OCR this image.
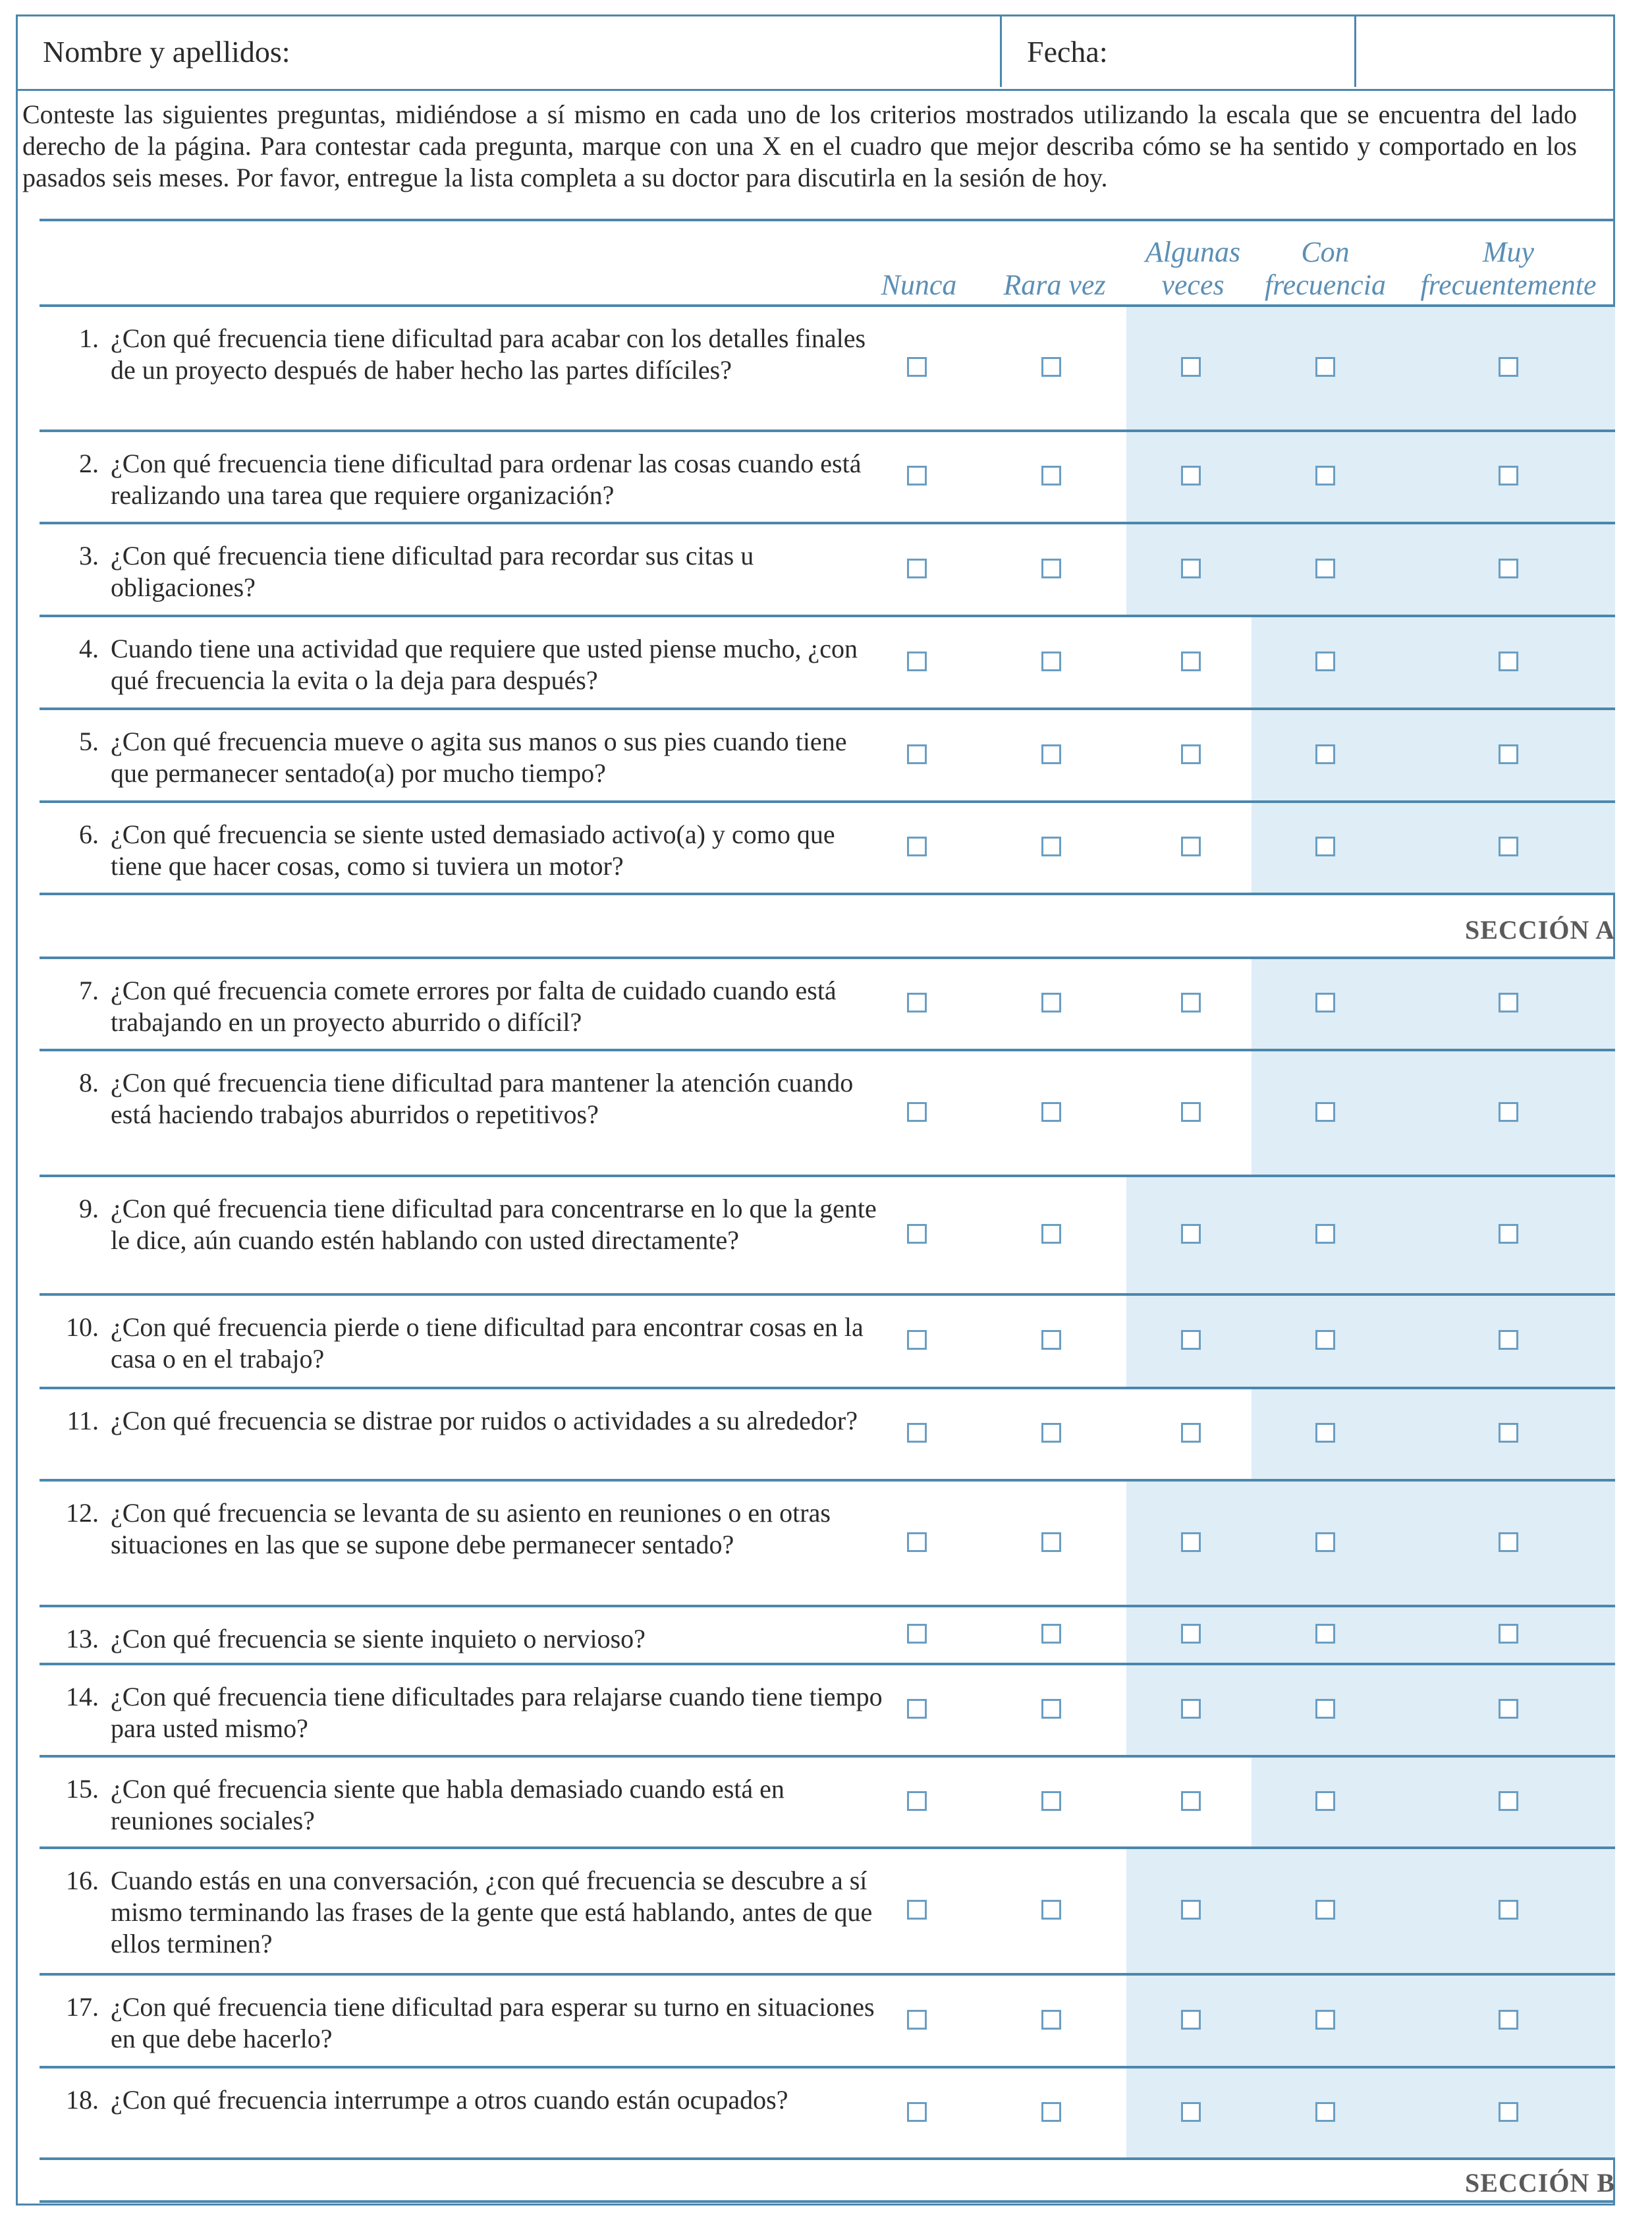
Nombre y apellidos:	Fecha:

Conteste las siguientes preguntas, midiéndose a sí mismo en cada uno de los criterios mostrados utilizando la escala que se encuentra del lado derecho de la página. Para contestar cada pregunta, marque con una X en el cuadro que mejor describa cómo se ha sentido y comportado en los pasados seis meses. Por favor, entregue la lista completa a su doctor para discutirla en la sesión de hoy.

Nunca	Rara vez
Algunas veces
Con frecuencia
Muy frecuentemente
1. ¿Con qué frecuencia tiene dificultad para acabar con los detalles finales de un proyecto después de haber hecho las partes difíciles?
2. ¿Con qué frecuencia tiene dificultad para ordenar las cosas cuando está realizando una tarea que requiere organización?
3. ¿Con qué frecuencia tiene dificultad para recordar sus citas u obligaciones?
4. Cuando tiene una actividad que requiere que usted piense mucho, ¿con qué frecuencia la evita o la deja para después?
5. ¿Con qué frecuencia mueve o agita sus manos o sus pies cuando tiene que permanecer sentado(a) por mucho tiempo?
6. ¿Con qué frecuencia se siente usted demasiado activo(a) y como que tiene que hacer cosas, como si tuviera un motor?
7. ¿Con qué frecuencia comete errores por falta de cuidado cuando está trabajando en un proyecto aburrido o difícil?
8. ¿Con qué frecuencia tiene dificultad para mantener la atención cuando está haciendo trabajos aburridos o repetitivos?
9. ¿Con qué frecuencia tiene dificultad para concentrarse en lo que la gente le dice, aún cuando estén hablando con usted directamente?
10. ¿Con qué frecuencia pierde o tiene dificultad para encontrar cosas en la casa o en el trabajo?
11. ¿Con qué frecuencia se distrae por ruidos o actividades a su alrededor?
12. ¿Con qué frecuencia se levanta de su asiento en reuniones o en otras situaciones en las que se supone debe permanecer sentado?
13. ¿Con qué frecuencia se siente inquieto o nervioso?
14. ¿Con qué frecuencia tiene dificultades para relajarse cuando tiene tiempo para usted mismo?
15. ¿Con qué frecuencia siente que habla demasiado cuando está en reuniones sociales?
16. Cuando estás en una conversación, ¿con qué frecuencia se descubre a sí mismo terminando las frases de la gente que está hablando, antes de que ellos terminen?
17. ¿Con qué frecuencia tiene dificultad para esperar su turno en situaciones en que debe hacerlo?
18. ¿Con qué frecuencia interrumpe a otros cuando están ocupados?
SECCIÓN A
SECCIÓN B
